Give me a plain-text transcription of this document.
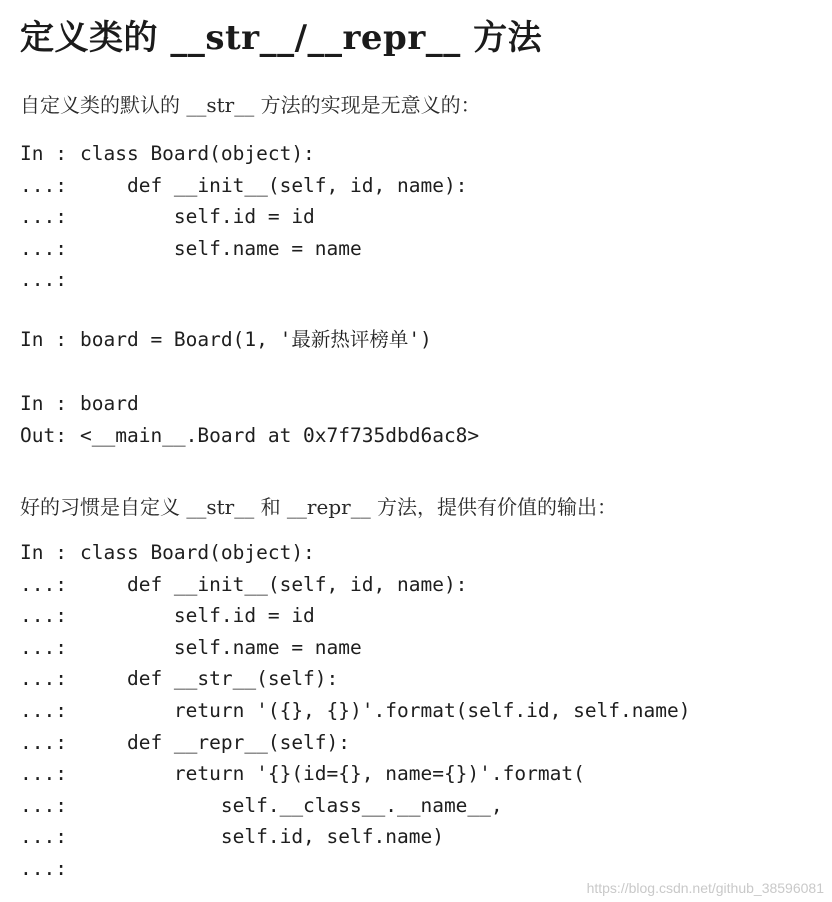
定义类的 __str__/__repr__ 方法
自定义类的默认的 __str__ 方法的实现是无意义的：
In : class Board(object):
...:    def __init__(self, id, name):
...:        self.id = id
...:        self.name = name
...:
In : board = Board(1, '最新热评榜单')
In : board
Out: <__main__.Board at 0x7f735dbd6ac8>
好的习惯是自定义 __str__ 和 __repr__ 方法，提供有价值的输出：
In : class Board(object):
...:    def __init__(self, id, name):
...:        self.id = id
...:        self.name = name
...:    def __str__(self):
...:        return '({}, {})'.format(self.id, self.name)
...:    def __repr__(self):
...:        return '{}(id={}, name={})'.format(
...:            self.__class__.__name__,
...:            self.id, self.name)
...:
https://blog.csdn.net/github_38596081
